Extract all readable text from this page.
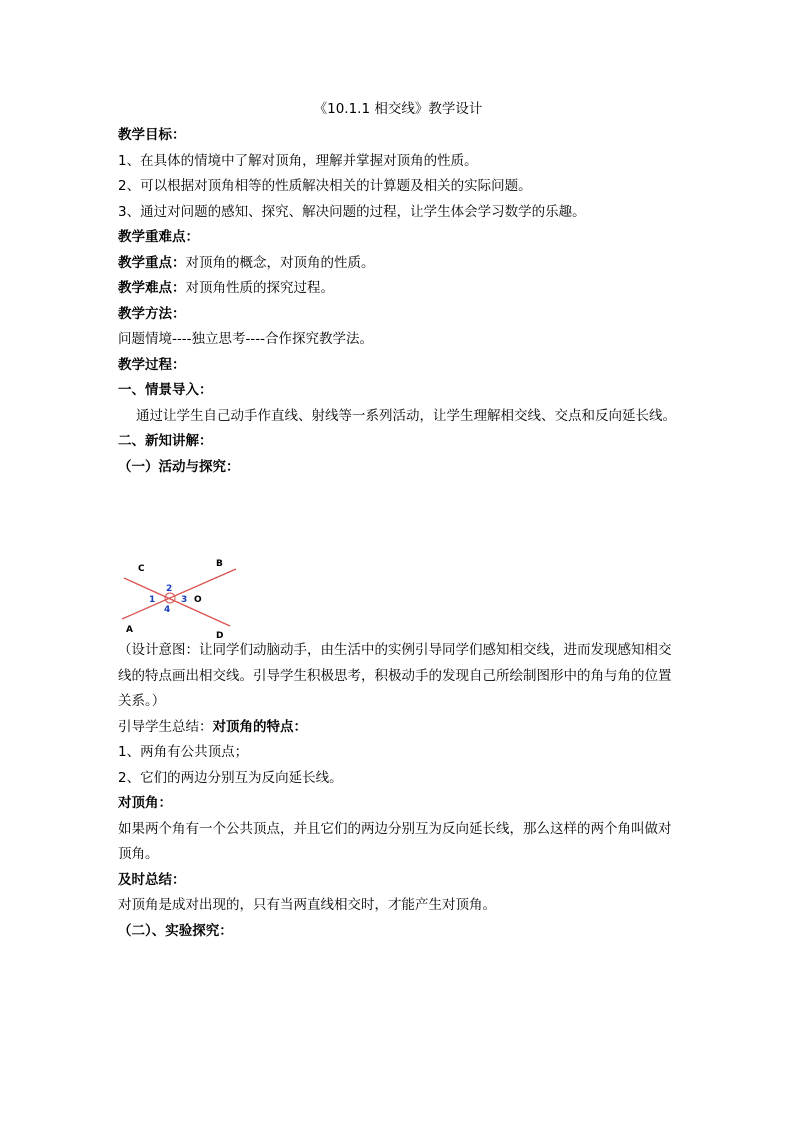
《10.1.1 相交线》教学设计

教学目标：

1、在具体的情境中了解对顶角，理解并掌握对顶角的性质。

2、可以根据对顶角相等的性质解决相关的计算题及相关的实际问题。

3、通过对问题的感知、探究、解决问题的过程，让学生体会学习数学的乐趣。

教学重难点：

教学重点：对顶角的概念，对顶角的性质。

教学难点：对顶角性质的探究过程。

教学方法：

问题情境----独立思考----合作探究教学法。

教学过程：

一、情景导入：

通过让学生自己动手作直线、射线等一系列活动，让学生理解相交线、交点和反向延长线。

二、新知讲解：

（一）活动与探究：

C	B
A
D
O
1
2
3
4

（设计意图：让同学们动脑动手，由生活中的实例引导同学们感知相交线，进而发现感知相交线的特点画出相交线。引导学生积极思考，积极动手的发现自己所绘制图形中的角与角的位置关系。）

引导学生总结：对顶角的特点：

1、两角有公共顶点；

2、它们的两边分别互为反向延长线。

对顶角：

如果两个角有一个公共顶点，并且它们的两边分别互为反向延长线，那么这样的两个角叫做对顶角。

及时总结：

对顶角是成对出现的，只有当两直线相交时，才能产生对顶角。

（二）、实验探究：
